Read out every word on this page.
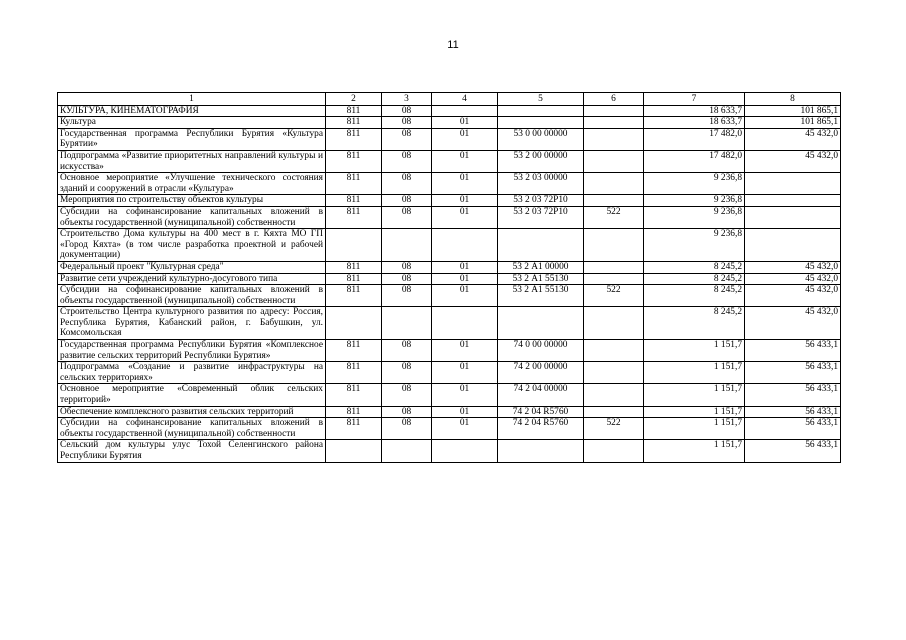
11
1	2	3	4	5	6	7	8
КУЛЬТУРА, КИНЕМАТОГРАФИЯ	811	08				18 633,7	101 865,1
Культура	811	08	01			18 633,7	101 865,1
Государственная программа Республики Бурятия «Культура Бурятии»	811	08	01	53 0 00 00000		17 482,0	45 432,0
Подпрограмма «Развитие приоритетных направлений культуры и искусства»	811	08	01	53 2 00 00000		17 482,0	45 432,0
Основное мероприятие «Улучшение технического состояния зданий и сооружений в отрасли «Культура»	811	08	01	53 2 03 00000		9 236,8	
Мероприятия по строительству объектов культуры	811	08	01	53 2 03 72Р10		9 236,8	
Субсидии на софинансирование капитальных вложений в объекты государственной (муниципальной) собственности	811	08	01	53 2 03 72Р10	522	9 236,8	
Строительство Дома культуры на 400 мест в г. Кяхта МО ГП «Город Кяхта» (в том числе разработка проектной и рабочей документации)						9 236,8	
Федеральный проект "Культурная среда"	811	08	01	53 2 А1 00000		8 245,2	45 432,0
Развитие сети учреждений культурно-досугового типа	811	08	01	53 2 А1 55130		8 245,2	45 432,0
Субсидии на софинансирование капитальных вложений в объекты государственной (муниципальной) собственности	811	08	01	53 2 А1 55130	522	8 245,2	45 432,0
Строительство Центра культурного развития по адресу: Россия, Республика Бурятия, Кабанский район, г. Бабушкин, ул. Комсомольская						8 245,2	45 432,0
Государственная программа Республики Бурятия «Комплексное развитие сельских территорий Республики Бурятия»	811	08	01	74 0 00 00000		1 151,7	56 433,1
Подпрограмма «Создание и развитие инфраструктуры на сельских территориях»	811	08	01	74 2 00 00000		1 151,7	56 433,1
Основное мероприятие «Современный облик сельских территорий»	811	08	01	74 2 04 00000		1 151,7	56 433,1
Обеспечение комплексного развития сельских территорий	811	08	01	74 2 04 R5760		1 151,7	56 433,1
Субсидии на софинансирование капитальных вложений в объекты государственной (муниципальной) собственности	811	08	01	74 2 04 R5760	522	1 151,7	56 433,1
Сельский дом культуры улус Тохой Селенгинского района Республики Бурятия						1 151,7	56 433,1
